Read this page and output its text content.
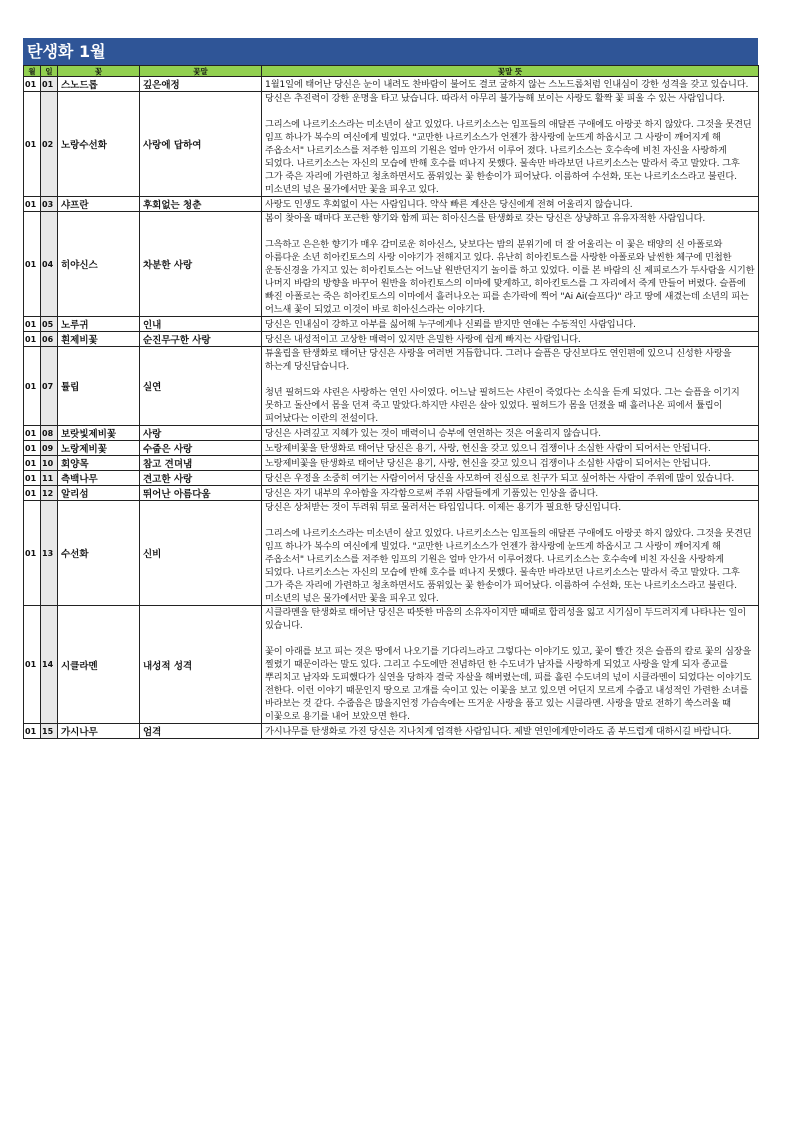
탄생화 1월
월	일	꽃	꽃말	꽃말 뜻
01	01	스노드롭	깊은애정	1월1일에 태어난 당신은 눈이 내려도 찬바람이 불어도 결코 굴하지 않는 스노드롭처럼 인내심이 강한 성격을 갖고 있습니다.
01	02	노랑수선화	사랑에 답하여	당신은 추진력이 강한 운명을 타고 났습니다. 따라서 아무리 불가능해 보이는 사랑도 활짝 꽃 피울 수 있는 사람입니다.

그리스에 나르키소스라는 미소년이 살고 있었다. 나르키소스는 임프들의 애달픈 구애에도 아랑곳 하지 않았다. 그것을 못견딘 임프 하나가 복수의 여신에게 빌었다. "교만한 나르키소스가 언젠가 참사랑에 눈뜨게 하옵시고 그 사랑이 깨어지게 해 주옵소서" 나르키소스를 저주한 임프의 기원은 얼마 안가서 이루어 졌다. 나르키소스는 호수속에 비친 자신을 사랑하게 되었다. 나르키소스는 자신의 모습에 반해 호수를 떠나지 못했다. 물속만 바라보던 나르키소스는 말라서 죽고 말았다. 그후 그가 죽은 자리에 가련하고 청초하면서도 품위있는 꽃 한송이가 피어났다. 이름하여 수선화, 또는 나르키소스라고 불린다. 미소년의 넋은 물가에서만 꽃을 피우고 있다.
01	03	샤프란	후회없는 청춘	사랑도 인생도 후회없이 사는 사람입니다. 약삭 빠른 계산은 당신에게 전혀 어울리지 않습니다.
01	04	히야신스	차분한 사랑	봄이 찾아올 때마다 포근한 향기와 함께 피는 히아신스를 탄생화로 갖는 당신은 상냥하고 유유자적한 사람입니다.

그윽하고 은은한 향기가 매우 감미로운 히아신스, 낮보다는 밤의 분위기에 더 잘 어울리는 이 꽃은 태양의 신 아폴로와 아름다운 소년 히아킨토스의 사랑 이야기가 전해지고 있다. 유난히 히아킨토스를 사랑한 아폴로와 날씬한 체구에 민첩한 운동신경을 가지고 있는 히아킨토스는 어느날 원반던지기 놀이를 하고 있었다. 이를 본 바람의 신 제피로스가 두사람을 시기한 나머지 바람의 방향을 바꾸어 원반을 히아킨토스의 이마에 맞게하고, 히아킨토스를 그 자리에서 죽게 만들어 버렸다. 슬픔에 빠진 아폴로는 죽은 히아킨토스의 이마에서 흘러나오는 피를 손가락에 찍어 "Ai Ai(슬프다)" 라고 땅에 새겼는데 소년의 피는 어느새 꽃이 되었고 이것이 바로 히아신스라는 이야기다.
01	05	노루귀	인내	당신은 인내심이 강하고 아부를 싫어해 누구에게나 신뢰를 받지만 연애는 수동적인 사람입니다.
01	06	흰제비꽃	순진무구한 사랑	당신은 내성적이고 고상한 매력이 있지만 은밀한 사랑에 쉽게 빠지는 사람입니다.
01	07	튤립	실연	튜울립을 탄생화로 태어난 당신은 사랑을 여러번 거듭합니다. 그러나 슬픔은 당신보다도 연인편에 있으니 신성한 사랑을 하는게 당신답습니다.

청년 필허드와 샤린은 사랑하는 연인 사이였다. 어느날 필허드는 샤린이 죽었다는 소식을 듣게 되었다. 그는 슬픔을 이기지 못하고 돌산에서 몸을 던져 죽고 말았다.하지만 샤린은 살아 있었다. 필허드가 몸을 던졌을 때 흘러나온 피에서 튤립이 피어났다는 이란의 전설이다.
01	08	보랏빛제비꽃	사랑	당신은 사려깊고 지혜가 있는 것이 매력이니 승부에 연연하는 것은 어울리지 않습니다.
01	09	노랑제비꽃	수줍은 사랑	노랑제비꽃을 탄생화로 태어난 당신은 용기, 사랑, 헌신을 갖고 있으니 겁쟁이나 소심한 사람이 되어서는 안됩니다.
01	10	회양목	참고 견뎌냄	노랑제비꽃을 탄생화로 태어난 당신은 용기, 사랑, 헌신을 갖고 있으니 겁쟁이나 소심한 사람이 되어서는 안됩니다.
01	11	측백나무	견고한 사랑	당신은 우정을 소중히 여기는 사람이어서 당신을 사모하여 진심으로 친구가 되고 싶어하는 사람이 주위에 많이 있습니다.
01	12	알리섬	뛰어난 아름다움	당신은 자기 내부의 우아함을 자각함으로써 주위 사람들에게 기품있는 인상을 줍니다.
01	13	수선화	신비	당신은 상처받는 것이 두려워 뒤로 물러서는 타입입니다. 이제는 용기가 필요한 당신입니다.

그리스에 나르키소스라는 미소년이 살고 있었다. 나르키소스는 임프들의 애달픈 구애에도 아랑곳 하지 않았다. 그것을 못견딘 임프 하나가 복수의 여신에게 빌었다. "교만한 나르키소스가 언젠가 참사랑에 눈뜨게 하옵시고 그 사랑이 깨어지게 해 주옵소서" 나르키소스를 저주한 임프의 기원은 얼마 안가서 이루어졌다. 나르키소스는 호수속에 비친 자신을 사랑하게 되었다. 나르키소스는 자신의 모습에 반해 호수를 떠나지 못했다. 물속만 바라보던 나르키소스는 말라서 죽고 말았다. 그후 그가 죽은 자리에 가련하고 청초하면서도 품위있는 꽃 한송이가 피어났다. 이름하여 수선화, 또는 나르키소스라고 불린다. 미소년의 넋은 물가에서만 꽃을 피우고 있다.
01	14	시클라멘	내성적 성격	시클라멘을 탄생화로 태어난 당신은 따뜻한 마음의 소유자이지만 때때로 합리성을 잃고 시기심이 두드러지게 나타나는 일이 있습니다.

꽃이 아래를 보고 피는 것은 땅에서 나오기를 기다리느라고 그렇다는 이야기도 있고, 꽃이 빨간 것은 슬픔의 칼로 꽃의 심장을 찔렸기 때문이라는 말도 있다. 그리고 수도에만 전념하던 한 수도녀가 남자를 사랑하게 되었고 사랑을 알게 되자 종교를 뿌리치고 남자와 도피했다가 실연을 당하자 결국 자살을 해버렸는데, 피를 흘린 수도녀의 넋이 시클라멘이 되었다는 이야기도 전한다. 이런 이야기 때문인지 땅으로 고개를 숙이고 있는 이꽃을 보고 있으면 어딘지 모르게 수줍고 내성적인 가련한 소녀를 바라보는 것 같다. 수줍음은 많을지언정 가슴속에는 뜨거운 사랑을 품고 있는 시클라멘. 사랑을 말로 전하기 쑥스러울 때 이꽃으로 용기를 내어 보았으면 한다.
01	15	가시나무	엄격	가시나무를 탄생화로 가진 당신은 지나치게 엄격한 사람입니다. 제발 연인에게만이라도 좀 부드럽게 대하시길 바랍니다.
